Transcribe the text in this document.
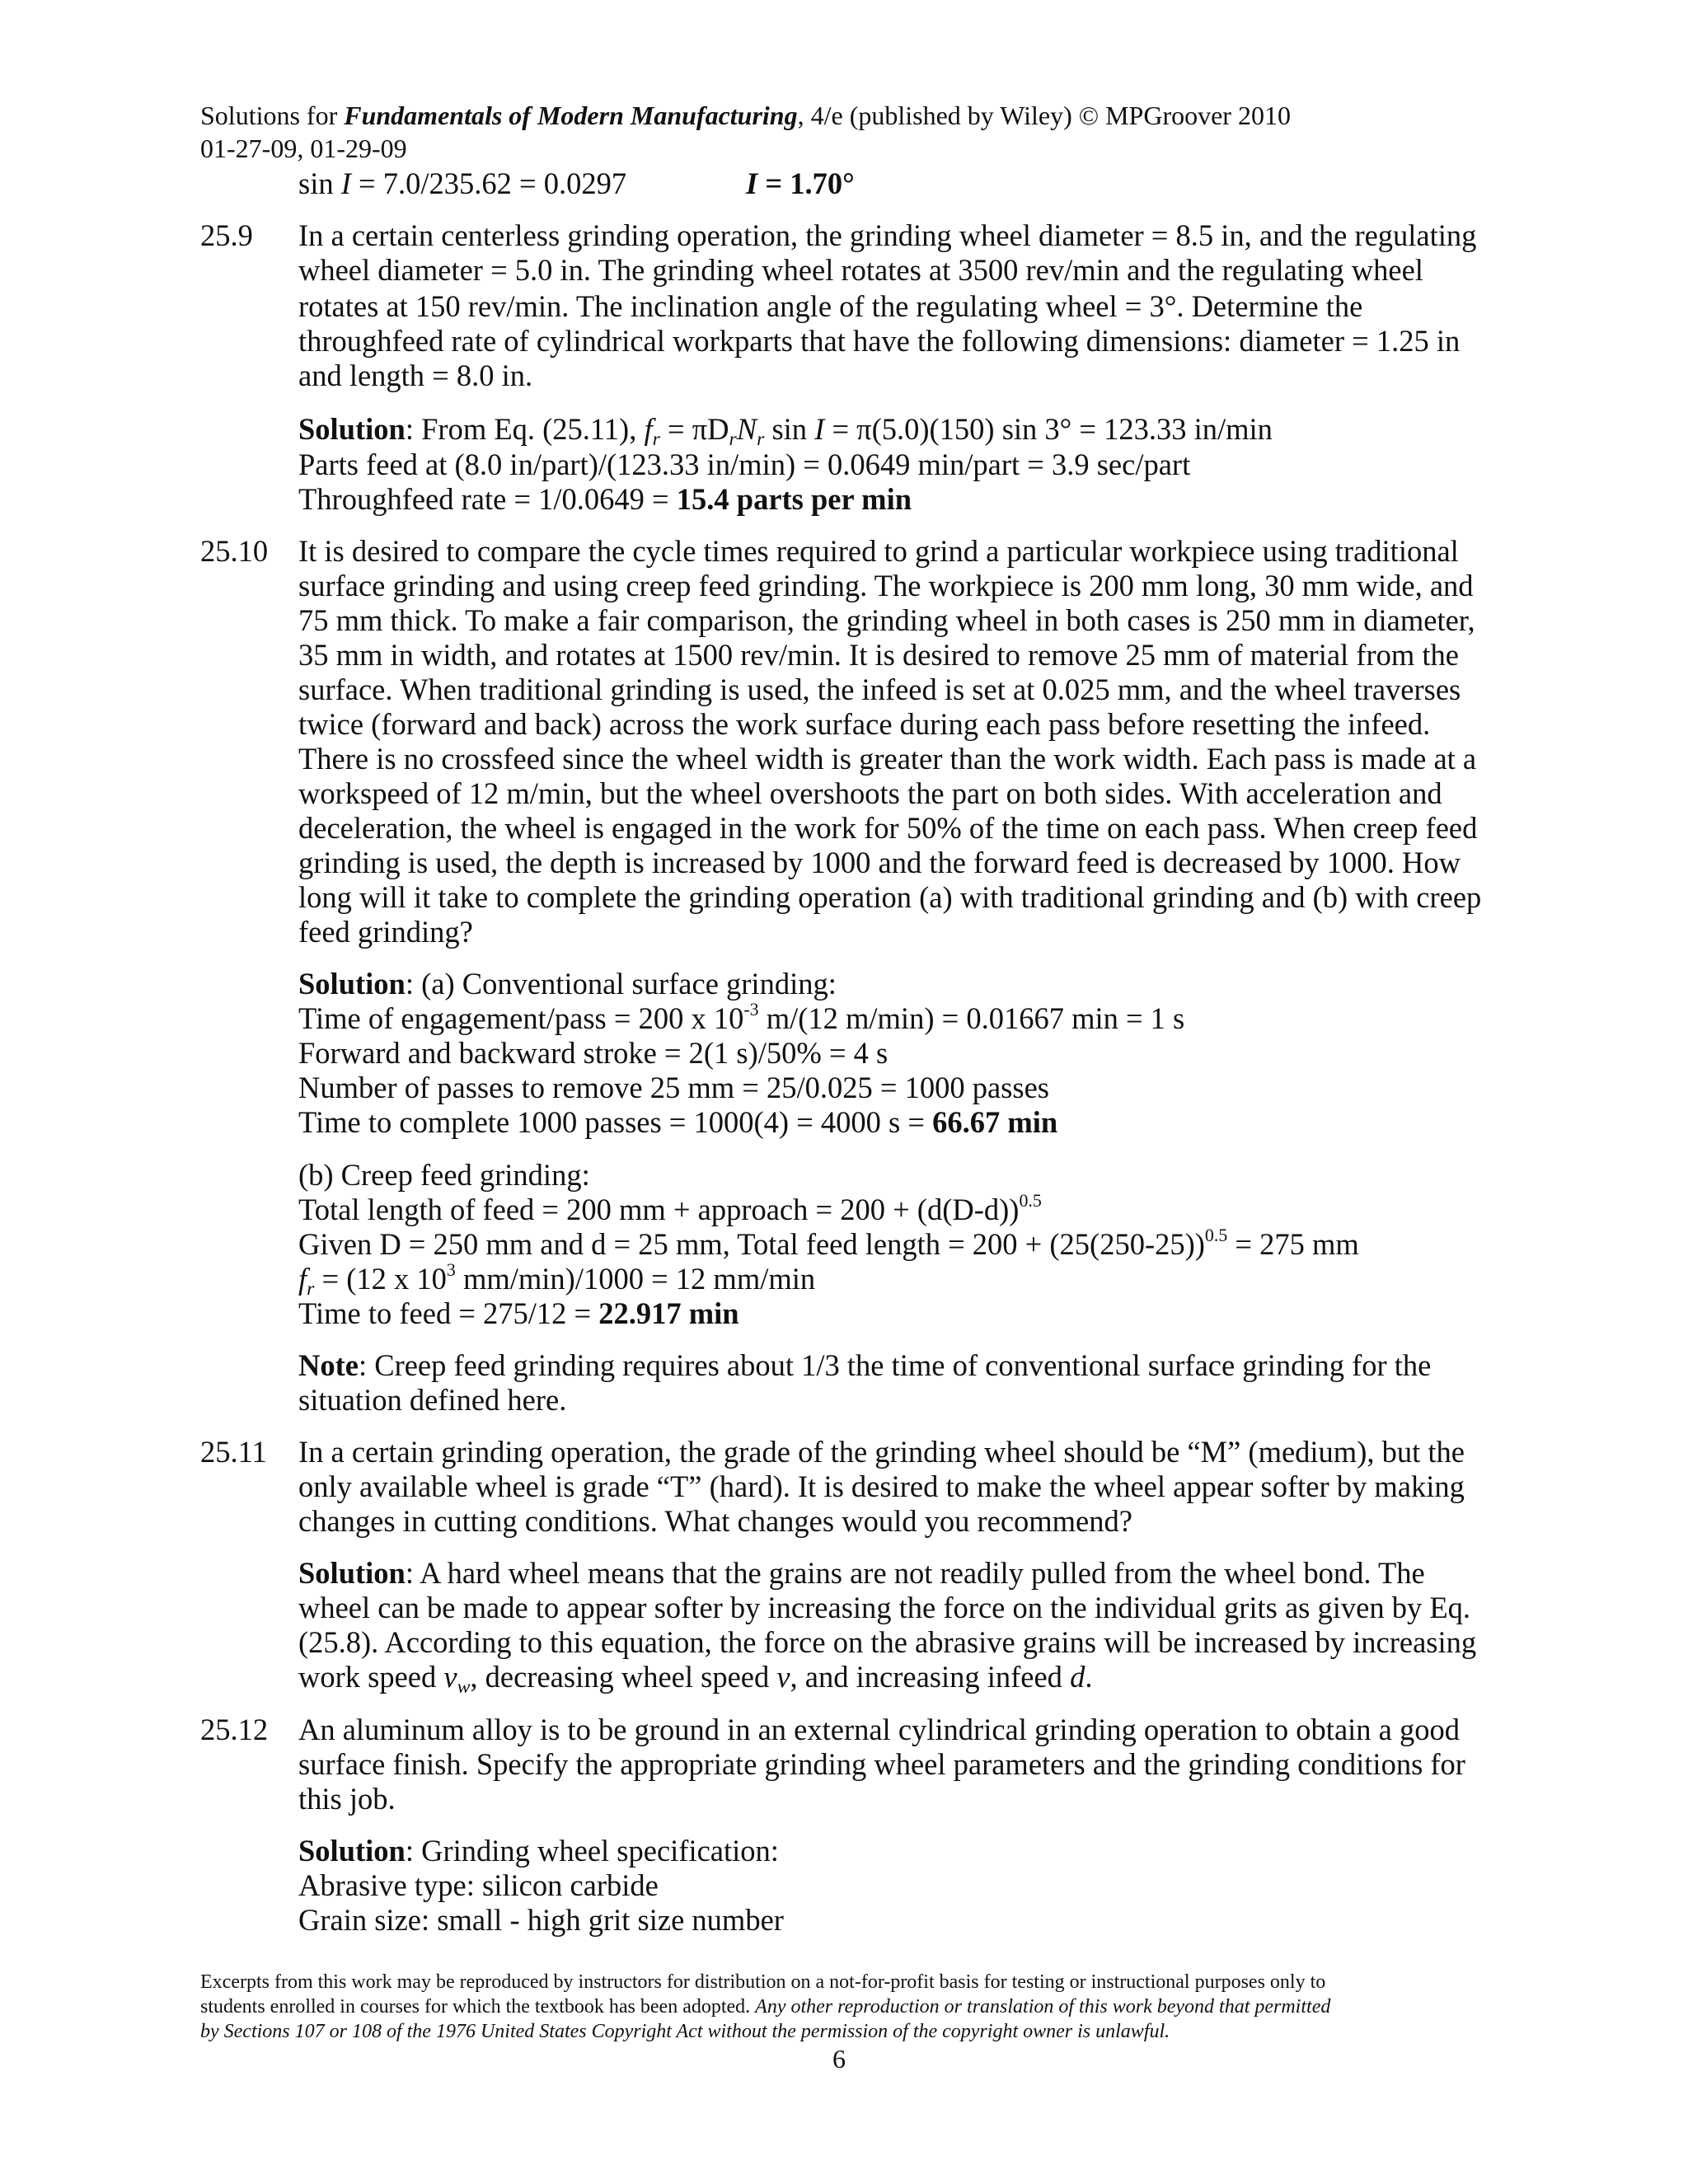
Solutions for Fundamentals of Modern Manufacturing, 4/e (published by Wiley) © MPGroover 2010
01-27-09, 01-29-09
sin I = 7.0/235.62 = 0.0297	I = 1.70°
25.9 In a certain centerless grinding operation, the grinding wheel diameter = 8.5 in, and the regulating
wheel diameter = 5.0 in. The grinding wheel rotates at 3500 rev/min and the regulating wheel
rotates at 150 rev/min. The inclination angle of the regulating wheel = 3°. Determine the
throughfeed rate of cylindrical workparts that have the following dimensions: diameter = 1.25 in
and length = 8.0 in.
Solution: From Eq. (25.11), $f_r = \pi D_rN_r$ sin I = π(5.0)(150) sin 3° = 123.33 in/min
Parts feed at (8.0 in/part)/(123.33 in/min) = 0.0649 min/part = 3.9 sec/part
Throughfeed rate = 1/0.0649 = 15.4 parts per min
25.10 It is desired to compare the cycle times required to grind a particular workpiece using traditional
surface grinding and using creep feed grinding. The workpiece is 200 mm long, 30 mm wide, and
75 mm thick. To make a fair comparison, the grinding wheel in both cases is 250 mm in diameter,
35 mm in width, and rotates at 1500 rev/min. It is desired to remove 25 mm of material from the
surface. When traditional grinding is used, the infeed is set at 0.025 mm, and the wheel traverses
twice (forward and back) across the work surface during each pass before resetting the infeed.
There is no crossfeed since the wheel width is greater than the work width. Each pass is made at a
workspeed of 12 m/min, but the wheel overshoots the part on both sides. With acceleration and
deceleration, the wheel is engaged in the work for 50% of the time on each pass. When creep feed
grinding is used, the depth is increased by 1000 and the forward feed is decreased by 1000. How
long will it take to complete the grinding operation (a) with traditional grinding and (b) with creep
feed grinding?
Solution: (a) Conventional surface grinding:
Time of engagement/pass = 200 x $10^{-3}$ m/(12 m/min) = 0.01667 min = 1 s
Forward and backward stroke = 2(1 s)/50% = 4 s
Number of passes to remove 25 mm = 25/0.025 = 1000 passes
Time to complete 1000 passes = 1000(4) = 4000 s = 66.67 min
(b) Creep feed grinding:
Total length of feed = 200 mm + approach = $200 + (d(D-d))^{0.5}$
Given D = 250 mm and d = 25 mm, Total feed length = $200 + (25(250-25))^{0.5} = 275$ mm
$f_r = (12$ x $10^3$ mm/min)/1000 = 12 mm/min
Time to feed = 275/12 = 22.917 min
Note: Creep feed grinding requires about 1/3 the time of conventional surface grinding for the
situation defined here.
25.11 In a certain grinding operation, the grade of the grinding wheel should be “M” (medium), but the
only available wheel is grade “T” (hard). It is desired to make the wheel appear softer by making
changes in cutting conditions. What changes would you recommend?
Solution: A hard wheel means that the grains are not readily pulled from the wheel bond. The
wheel can be made to appear softer by increasing the force on the individual grits as given by Eq.
(25.8). According to this equation, the force on the abrasive grains will be increased by increasing
work speed $v_w$, decreasing wheel speed v, and increasing infeed d.
25.12 An aluminum alloy is to be ground in an external cylindrical grinding operation to obtain a good
surface finish. Specify the appropriate grinding wheel parameters and the grinding conditions for
this job.
Solution: Grinding wheel specification:
Abrasive type: silicon carbide
Grain size: small - high grit size number
Excerpts from this work may be reproduced by instructors for distribution on a not-for-profit basis for testing or instructional purposes only to
students enrolled in courses for which the textbook has been adopted. Any other reproduction or translation of this work beyond that permitted
by Sections 107 or 108 of the 1976 United States Copyright Act without the permission of the copyright owner is unlawful.
6
